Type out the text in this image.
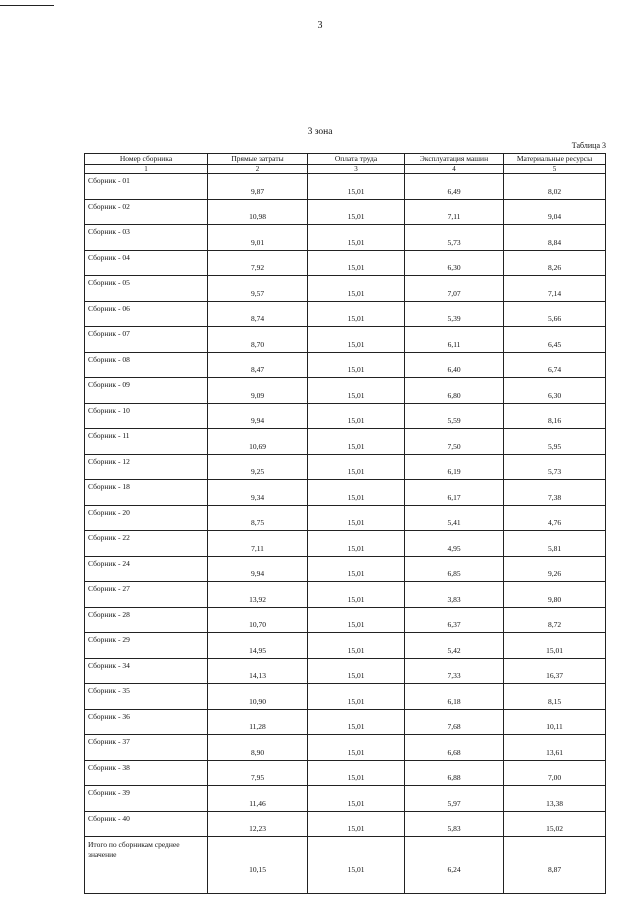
3
3 зона
Таблица 3
Номер сборника	Прямые затраты	Оплата труда	Эксплуатация машин	Материальные ресурсы
1	2	3	4	5
Сборник - 01	9,87	15,01	6,49	8,02
Сборник - 02	10,98	15,01	7,11	9,04
Сборник - 03	9,01	15,01	5,73	8,84
Сборник - 04	7,92	15,01	6,30	8,26
Сборник - 05	9,57	15,01	7,07	7,14
Сборник - 06	8,74	15,01	5,39	5,66
Сборник - 07	8,70	15,01	6,11	6,45
Сборник - 08	8,47	15,01	6,40	6,74
Сборник - 09	9,09	15,01	6,80	6,30
Сборник - 10	9,94	15,01	5,59	8,16
Сборник - 11	10,69	15,01	7,50	5,95
Сборник - 12	9,25	15,01	6,19	5,73
Сборник - 18	9,34	15,01	6,17	7,38
Сборник - 20	8,75	15,01	5,41	4,76
Сборник - 22	7,11	15,01	4,95	5,81
Сборник - 24	9,94	15,01	6,85	9,26
Сборник - 27	13,92	15,01	3,83	9,80
Сборник - 28	10,70	15,01	6,37	8,72
Сборник - 29	14,95	15,01	5,42	15,01
Сборник - 34	14,13	15,01	7,33	16,37
Сборник - 35	10,90	15,01	6,18	8,15
Сборник - 36	11,28	15,01	7,68	10,11
Сборник - 37	8,90	15,01	6,68	13,61
Сборник - 38	7,95	15,01	6,88	7,00
Сборник - 39	11,46	15,01	5,97	13,38
Сборник - 40	12,23	15,01	5,83	15,02
Итого по сборникам среднее значение	10,15	15,01	6,24	8,87
